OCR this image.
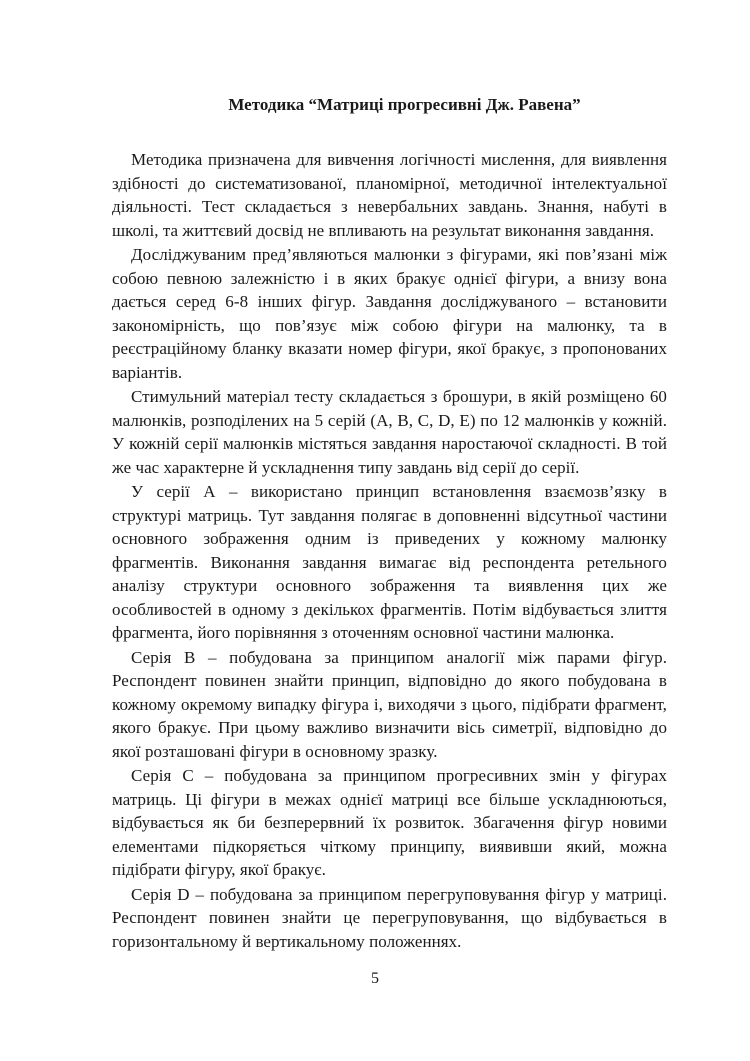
Методика “Матриці прогресивні Дж. Равена”

Методика призначена для вивчення логічності мислення, для виявлення здібності до систематизованої, планомірної, методичної інтелектуальної діяльності. Тест складається з невербальних завдань. Знання, набуті в школі, та життєвий досвід не впливають на результат виконання завдання.

Досліджуваним пред’являються малюнки з фігурами, які пов’язані між собою певною залежністю і в яких бракує однієї фігури, а внизу вона дається серед 6-8 інших фігур. Завдання досліджуваного – встановити закономірність, що пов’язує між собою фігури на малюнку, та в реєстраційному бланку вказати номер фігури, якої бракує, з пропонованих варіантів.

Стимульний матеріал тесту складається з брошури, в якій розміщено 60 малюнків, розподілених на 5 серій (А, В, С, D, Е) по 12 малюнків у кожній. У кожній серії малюнків містяться завдання наростаючої складності. В той же час характерне й ускладнення типу завдань від серії до серії.

У серії А – використано принцип встановлення взаємозв’язку в структурі матриць. Тут завдання полягає в доповненні відсутньої частини основного зображення одним із приведених у кожному малюнку фрагментів. Виконання завдання вимагає від респондента ретельного аналізу структури основного зображення та виявлення цих же особливостей в одному з декількох фрагментів. Потім відбувається злиття фрагмента, його порівняння з оточенням основної частини малюнка.

Серія В – побудована за принципом аналогії між парами фігур. Респондент повинен знайти принцип, відповідно до якого побудована в кожному окремому випадку фігура і, виходячи з цього, підібрати фрагмент, якого бракує. При цьому важливо визначити вісь симетрії, відповідно до якої розташовані фігури в основному зразку.

Серія С – побудована за принципом прогресивних змін у фігурах матриць. Ці фігури в межах однієї матриці все більше ускладнюються, відбувається як би безперервний їх розвиток. Збагачення фігур новими елементами підкоряється чіткому принципу, виявивши який, можна підібрати фігуру, якої бракує.

Серія D – побудована за принципом перегруповування фігур у матриці. Респондент повинен знайти це перегруповування, що відбувається в горизонтальному й вертикальному положеннях.

5
